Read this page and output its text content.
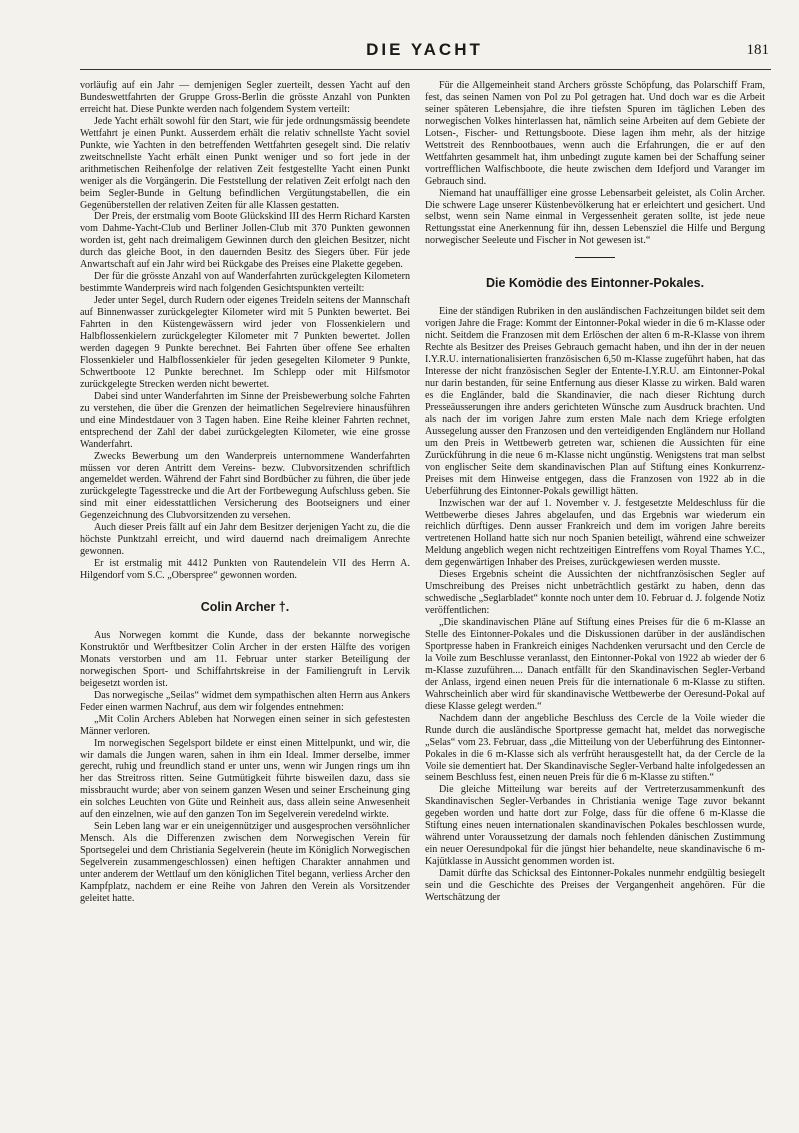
DIE YACHT	181

vorläufig auf ein Jahr — demjenigen Segler zuerteilt, dessen Yacht auf den Bundeswettfahrten der Gruppe Gross-Berlin die grösste Anzahl von Punkten erreicht hat. Diese Punkte werden nach folgendem System verteilt:

Jede Yacht erhält sowohl für den Start, wie für jede ordnungsmässig beendete Wettfahrt je einen Punkt. Ausserdem erhält die relativ schnellste Yacht soviel Punkte, wie Yachten in den betreffenden Wettfahrten gesegelt sind. Die relativ zweitschnellste Yacht erhält einen Punkt weniger und so fort jede in der arithmetischen Reihenfolge der relativen Zeit festgestellte Yacht einen Punkt weniger als die Vorgängerin. Die Feststellung der relativen Zeit erfolgt nach den beim Segler-Bunde in Geltung befindlichen Vergütungstabellen, die ein Gegenüberstellen der relativen Zeiten für alle Klassen gestatten.

Der Preis, der erstmalig vom Boote Glückskind III des Herrn Richard Karsten vom Dahme-Yacht-Club und Berliner Jollen-Club mit 370 Punkten gewonnen worden ist, geht nach dreimaligem Gewinnen durch den gleichen Besitzer, nicht durch das gleiche Boot, in den dauernden Besitz des Siegers über. Für jede Anwartschaft auf ein Jahr wird bei Rückgabe des Preises eine Plakette gegeben.

Der für die grösste Anzahl von auf Wanderfahrten zurückgelegten Kilometern bestimmte Wanderpreis wird nach folgenden Gesichtspunkten verteilt:

Jeder unter Segel, durch Rudern oder eigenes Treideln seitens der Mannschaft auf Binnenwasser zurückgelegter Kilometer wird mit 5 Punkten bewertet. Bei Fahrten in den Küstengewässern wird jeder von Flossenkielern und Halbflossenkielern zurückgelegter Kilometer mit 7 Punkten bewertet. Jollen werden dagegen 9 Punkte berechnet. Bei Fahrten über offene See erhalten Flossenkieler und Halbflossenkieler für jeden gesegelten Kilometer 9 Punkte, Schwertboote 12 Punkte berechnet. Im Schlepp oder mit Hilfsmotor zurückgelegte Strecken werden nicht bewertet.

Dabei sind unter Wanderfahrten im Sinne der Preisbewerbung solche Fahrten zu verstehen, die über die Grenzen der heimatlichen Segelreviere hinausführen und eine Mindestdauer von 3 Tagen haben. Eine Reihe kleiner Fahrten rechnet, entsprechend der Zahl der dabei zurückgelegten Kilometer, wie eine grosse Wanderfahrt.

Zwecks Bewerbung um den Wanderpreis unternommene Wanderfahrten müssen vor deren Antritt dem Vereins- bezw. Clubvorsitzenden schriftlich angemeldet werden. Während der Fahrt sind Bordbücher zu führen, die über jede zurückgelegte Tagesstrecke und die Art der Fortbewegung Aufschluss geben. Sie sind mit einer eidesstattlichen Versicherung des Bootseigners und einer Gegenzeichnung des Clubvorsitzenden zu versehen.

Auch dieser Preis fällt auf ein Jahr dem Besitzer derjenigen Yacht zu, die die höchste Punktzahl erreicht, und wird dauernd nach dreimaligem Anrechte gewonnen.

Er ist erstmalig mit 4412 Punkten von Rautendelein VII des Herrn A. Hilgendorf vom S.C. „Oberspree“ gewonnen worden.

Colin Archer †.

Aus Norwegen kommt die Kunde, dass der bekannte norwegische Konstruktör und Werftbesitzer Colin Archer in der ersten Hälfte des vorigen Monats verstorben und am 11. Februar unter starker Beteiligung der norwegischen Sport- und Schiffahrtskreise in der Familiengruft in Lervik beigesetzt worden ist.

Das norwegische „Seilas“ widmet dem sympathischen alten Herrn aus Ankers Feder einen warmen Nachruf, aus dem wir folgendes entnehmen:

„Mit Colin Archers Ableben hat Norwegen einen seiner in sich gefestesten Männer verloren.

Im norwegischen Segelsport bildete er einst einen Mittelpunkt, und wir, die wir damals die Jungen waren, sahen in ihm ein Ideal. Immer derselbe, immer gerecht, ruhig und freundlich stand er unter uns, wenn wir Jungen rings um ihn her das Streitross ritten. Seine Gutmütigkeit führte bisweilen dazu, dass sie missbraucht wurde; aber von seinem ganzen Wesen und seiner Erscheinung ging ein solches Leuchten von Güte und Reinheit aus, dass allein seine Anwesenheit auf den einzelnen, wie auf den ganzen Ton im Segelverein veredelnd wirkte.

Sein Leben lang war er ein uneigennütziger und ausgesprochen versöhnlicher Mensch. Als die Differenzen zwischen dem Norwegischen Verein für Sportsegelei und dem Christiania Segelverein (heute im Königlich Norwegischen Segelverein zusammengeschlossen) einen heftigen Charakter annahmen und unter anderem der Wettlauf um den königlichen Titel begann, verliess Archer den Kampfplatz, nachdem er eine Reihe von Jahren den Verein als Vorsitzender geleitet hatte.

Für die Allgemeinheit stand Archers grösste Schöpfung, das Polarschiff Fram, fest, das seinen Namen von Pol zu Pol getragen hat. Und doch war es die Arbeit seiner späteren Lebensjahre, die ihre tiefsten Spuren im täglichen Leben des norwegischen Volkes hinterlassen hat, nämlich seine Arbeiten auf dem Gebiete der Lotsen-, Fischer- und Rettungsboote. Diese lagen ihm mehr, als der hitzige Wettstreit des Rennbootbaues, wenn auch die Erfahrungen, die er auf den Wettfahrten gesammelt hat, ihm unbedingt zugute kamen bei der Schaffung seiner vortrefflichen Walfischboote, die heute zwischen dem Idefjord und Varanger im Gebrauch sind.

Niemand hat unauffälliger eine grosse Lebensarbeit geleistet, als Colin Archer. Die schwere Lage unserer Küstenbevölkerung hat er erleichtert und gesichert. Und selbst, wenn sein Name einmal in Vergessenheit geraten sollte, ist jede neue Rettungsstat eine Anerkennung für ihn, dessen Lebensziel die Hilfe und Bergung norwegischer Seeleute und Fischer in Not gewesen ist.“

Die Komödie des Eintonner-Pokales.

Eine der ständigen Rubriken in den ausländischen Fachzeitungen bildet seit dem vorigen Jahre die Frage: Kommt der Eintonner-Pokal wieder in die 6 m-Klasse oder nicht. Seitdem die Franzosen mit dem Erlöschen der alten 6 m-R-Klasse von ihrem Rechte als Besitzer des Preises Gebrauch gemacht haben, und ihn der in der neuen I.Y.R.U. internationalisierten französischen 6,50 m-Klasse zugeführt haben, hat das Interesse der nicht französischen Segler der Entente-I.Y.R.U. am Eintonner-Pokal nur darin bestanden, für seine Entfernung aus dieser Klasse zu wirken. Bald waren es die Engländer, bald die Skandinavier, die nach dieser Richtung durch Presseäusserungen ihre anders gerichteten Wünsche zum Ausdruck brachten. Und als nach der im vorigen Jahre zum ersten Male nach dem Kriege erfolgten Aussegelung ausser den Franzosen und den verteidigenden Engländern nur Holland um den Preis in Wettbewerb getreten war, schienen die Aussichten für eine Zurückführung in die neue 6 m-Klasse nicht ungünstig. Wenigstens trat man selbst von englischer Seite dem skandinavischen Plan auf Stiftung eines Konkurrenz-Preises mit dem Hinweise entgegen, dass die Franzosen von 1922 ab in die Ueberführung des Eintonner-Pokals gewilligt hätten.

Inzwischen war der auf 1. November v. J. festgesetzte Meldeschluss für die Wettbewerbe dieses Jahres abgelaufen, und das Ergebnis war wiederum ein reichlich dürftiges. Denn ausser Frankreich und dem im vorigen Jahre bereits vertretenen Holland hatte sich nur noch Spanien beteiligt, während eine schweizer Meldung angeblich wegen nicht rechtzeitigen Eintreffens vom Royal Thames Y.C., dem gegenwärtigen Inhaber des Preises, zurückgewiesen werden musste.

Dieses Ergebnis scheint die Aussichten der nichtfranzösischen Segler auf Umschreibung des Preises nicht unbeträchtlich gestärkt zu haben, denn das schwedische „Seglarbladet“ konnte noch unter dem 10. Februar d. J. folgende Notiz veröffentlichen:

„Die skandinavischen Pläne auf Stiftung eines Preises für die 6 m-Klasse an Stelle des Eintonner-Pokales und die Diskussionen darüber in der ausländischen Sportpresse haben in Frankreich einiges Nachdenken verursacht und den Cercle de la Voile zum Beschlusse veranlasst, den Eintonner-Pokal von 1922 ab wieder der 6 m-Klasse zuzuführen.... Danach entfällt für den Skandinavischen Segler-Verband der Anlass, irgend einen neuen Preis für die internationale 6 m-Klasse zu stiften. Wahrscheinlich aber wird für skandinavische Wettbewerbe der Oeresund-Pokal auf diese Klasse gelegt werden.“

Nachdem dann der angebliche Beschluss des Cercle de la Voile wieder die Runde durch die ausländische Sportpresse gemacht hat, meldet das norwegische „Selas“ vom 23. Februar, dass „die Mitteilung von der Ueberführung des Eintonner-Pokales in die 6 m-Klasse sich als verfrüht herausgestellt hat, da der Cercle de la Voile sie dementiert hat. Der Skandinavische Segler-Verband halte infolgedessen an seinem Beschluss fest, einen neuen Preis für die 6 m-Klasse zu stiften.“

Die gleiche Mitteilung war bereits auf der Vertreterzusammenkunft des Skandinavischen Segler-Verbandes in Christiania wenige Tage zuvor bekannt gegeben worden und hatte dort zur Folge, dass für die offene 6 m-Klasse die Stiftung eines neuen internationalen skandinavischen Pokales beschlossen wurde, während unter Voraussetzung der damals noch fehlenden dänischen Zustimmung ein neuer Oeresundpokal für die jüngst hier behandelte, neue skandinavische 6 m-Kajütklasse in Aussicht genommen worden ist.

Damit dürfte das Schicksal des Eintonner-Pokales nunmehr endgültig besiegelt sein und die Geschichte des Preises der Vergangenheit angehören. Für die Wertschätzung der
